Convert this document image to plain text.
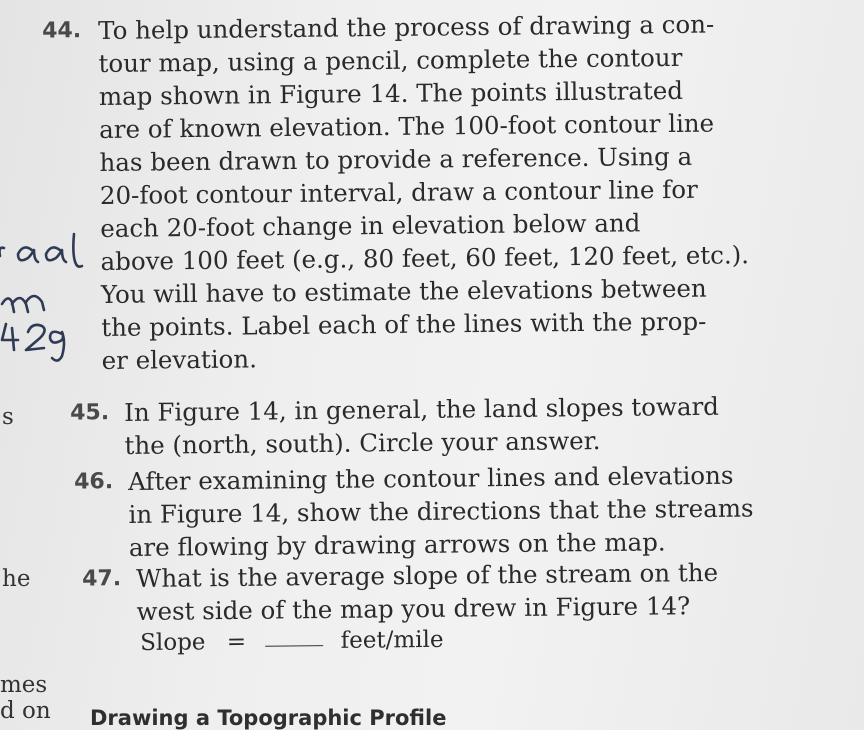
s
he
mes
d on
44. To help understand the process of drawing a con-
tour map, using a pencil, complete the contour
map shown in Figure 14. The points illustrated
are of known elevation. The 100-foot contour line
has been drawn to provide a reference. Using a
20-foot contour interval, draw a contour line for
each 20-foot change in elevation below and
above 100 feet (e.g., 80 feet, 60 feet, 120 feet, etc.).
You will have to estimate the elevations between
the points. Label each of the lines with the prop-
er elevation.
45. In Figure 14, in general, the land slopes toward
the (north, south). Circle your answer.
46. After examining the contour lines and elevations
in Figure 14, show the directions that the streams
are flowing by drawing arrows on the map.
47. What is the average slope of the stream on the
west side of the map you drew in Figure 14?
Slope =	feet/mile
Drawing a Topographic Profile
